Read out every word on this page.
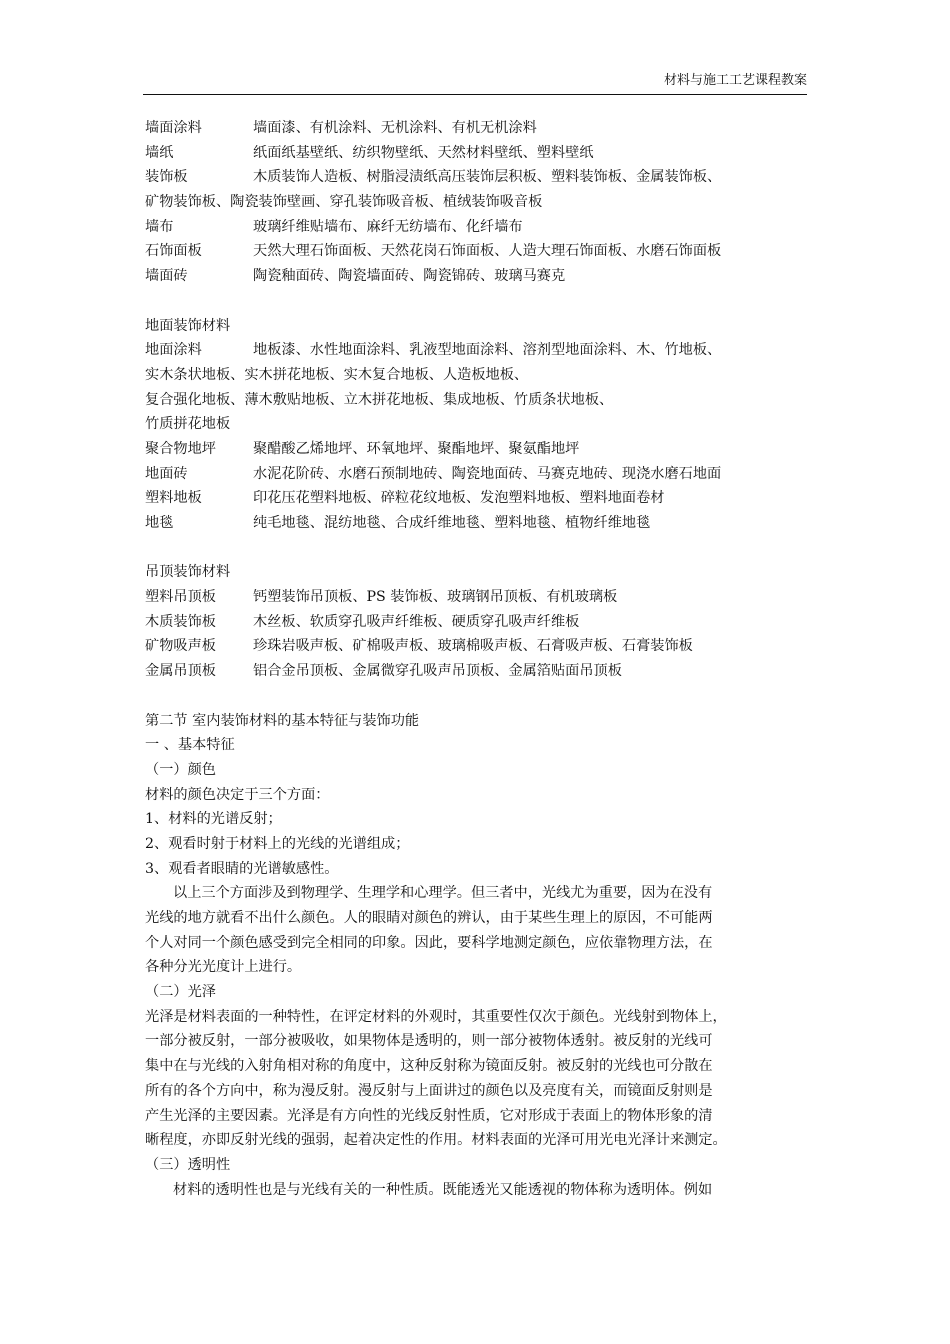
材料与施工工艺课程教案
墙面涂料	墙面漆、有机涂料、无机涂料、有机无机涂料
墙纸	纸面纸基壁纸、纺织物壁纸、天然材料壁纸、塑料壁纸
装饰板	木质装饰人造板、树脂浸渍纸高压装饰层积板、塑料装饰板、金属装饰板、
矿物装饰板、陶瓷装饰壁画、穿孔装饰吸音板、植绒装饰吸音板
墙布	玻璃纤维贴墙布、麻纤无纺墙布、化纤墙布
石饰面板	天然大理石饰面板、天然花岗石饰面板、人造大理石饰面板、水磨石饰面板
墙面砖	陶瓷釉面砖、陶瓷墙面砖、陶瓷锦砖、玻璃马赛克
地面装饰材料
地面涂料	地板漆、水性地面涂料、乳液型地面涂料、溶剂型地面涂料、木、竹地板、
实木条状地板、实木拼花地板、实木复合地板、人造板地板、
复合强化地板、薄木敷贴地板、立木拼花地板、集成地板、竹质条状地板、
竹质拼花地板
聚合物地坪	聚醋酸乙烯地坪、环氧地坪、聚酯地坪、聚氨酯地坪
地面砖	水泥花阶砖、水磨石预制地砖、陶瓷地面砖、马赛克地砖、现浇水磨石地面
塑料地板	印花压花塑料地板、碎粒花纹地板、发泡塑料地板、塑料地面卷材
地毯	纯毛地毯、混纺地毯、合成纤维地毯、塑料地毯、植物纤维地毯
吊顶装饰材料
塑料吊顶板	钙塑装饰吊顶板、PS 装饰板、玻璃钢吊顶板、有机玻璃板
木质装饰板	木丝板、软质穿孔吸声纤维板、硬质穿孔吸声纤维板
矿物吸声板	珍珠岩吸声板、矿棉吸声板、玻璃棉吸声板、石膏吸声板、石膏装饰板
金属吊顶板	铝合金吊顶板、金属微穿孔吸声吊顶板、金属箔贴面吊顶板
第二节 室内装饰材料的基本特征与装饰功能
一 、基本特征
（一）颜色
材料的颜色决定于三个方面：
1、材料的光谱反射；
2、观看时射于材料上的光线的光谱组成；
3、观看者眼睛的光谱敏感性。
以上三个方面涉及到物理学、生理学和心理学。但三者中，光线尤为重要，因为在没有
光线的地方就看不出什么颜色。人的眼睛对颜色的辨认，由于某些生理上的原因，不可能两
个人对同一个颜色感受到完全相同的印象。因此，要科学地测定颜色，应依靠物理方法，在
各种分光光度计上进行。
（二）光泽
光泽是材料表面的一种特性，在评定材料的外观时，其重要性仅次于颜色。光线射到物体上，
一部分被反射，一部分被吸收，如果物体是透明的，则一部分被物体透射。被反射的光线可
集中在与光线的入射角相对称的角度中，这种反射称为镜面反射。被反射的光线也可分散在
所有的各个方向中，称为漫反射。漫反射与上面讲过的颜色以及亮度有关，而镜面反射则是
产生光泽的主要因素。光泽是有方向性的光线反射性质，它对形成于表面上的物体形象的清
晰程度，亦即反射光线的强弱，起着决定性的作用。材料表面的光泽可用光电光泽计来测定。
（三）透明性
材料的透明性也是与光线有关的一种性质。既能透光又能透视的物体称为透明体。例如
